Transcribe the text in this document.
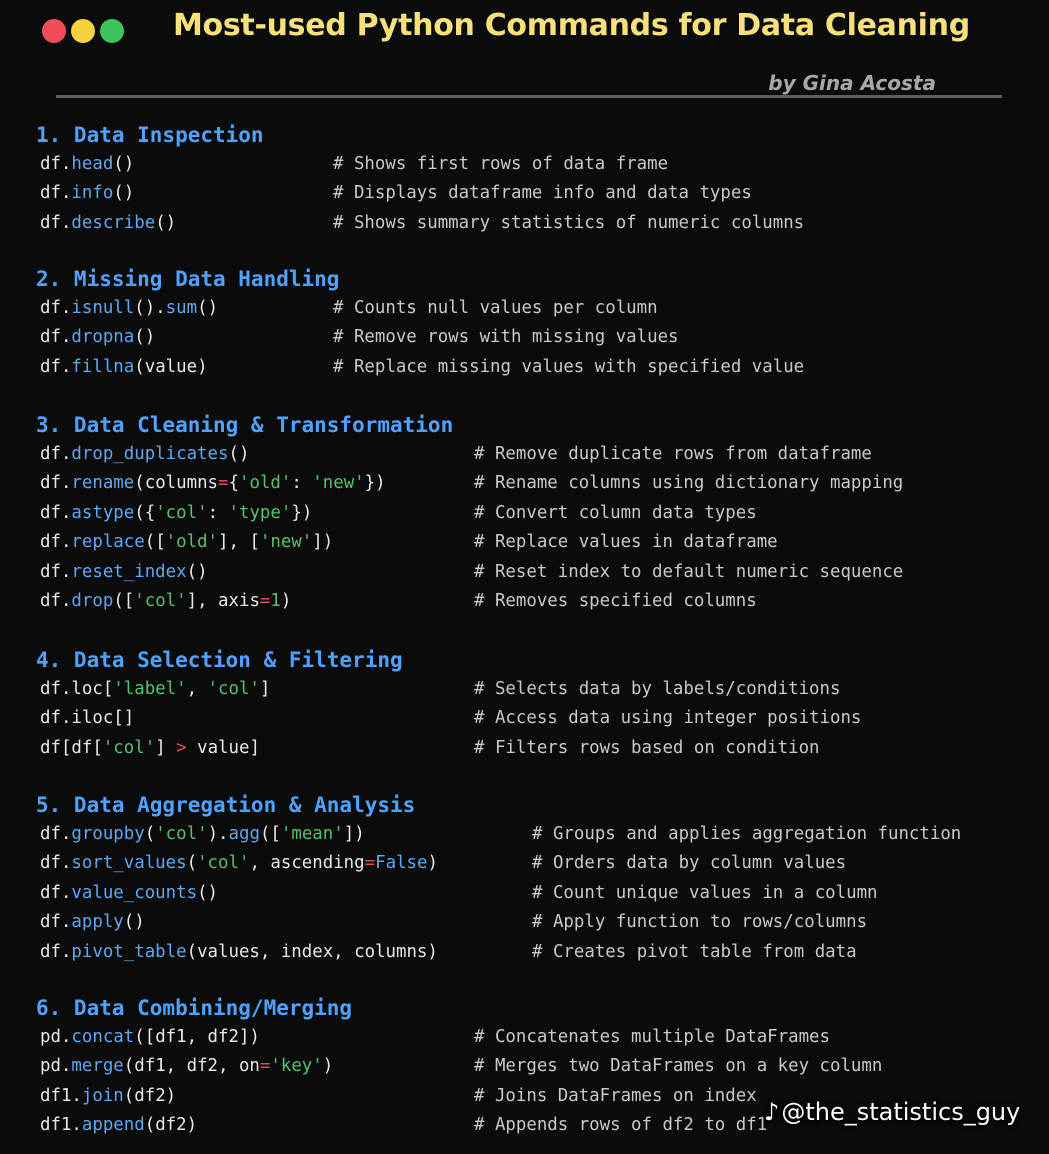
Most-used Python Commands for Data Cleaning
by Gina Acosta
1. Data Inspection
df.head()	# Shows first rows of data frame
df.info()	# Displays dataframe info and data types
df.describe()	# Shows summary statistics of numeric columns
2. Missing Data Handling
df.isnull().sum()	# Counts null values per column
df.dropna()	# Remove rows with missing values
df.fillna(value)	# Replace missing values with specified value
3. Data Cleaning & Transformation
df.drop_duplicates()	# Remove duplicate rows from dataframe
df.rename(columns={'old': 'new'})	# Rename columns using dictionary mapping
df.astype({'col': 'type'})	# Convert column data types
df.replace(['old'], ['new'])	# Replace values in dataframe
df.reset_index()	# Reset index to default numeric sequence
df.drop(['col'], axis=1)	# Removes specified columns
4. Data Selection & Filtering
df.loc['label', 'col']	# Selects data by labels/conditions
df.iloc[]	# Access data using integer positions
df[df['col'] > value]	# Filters rows based on condition
5. Data Aggregation & Analysis
df.groupby('col').agg(['mean'])	# Groups and applies aggregation function
df.sort_values('col', ascending=False)	# Orders data by column values
df.value_counts()	# Count unique values in a column
df.apply()	# Apply function to rows/columns
df.pivot_table(values, index, columns)	# Creates pivot table from data
6. Data Combining/Merging
pd.concat([df1, df2])	# Concatenates multiple DataFrames
pd.merge(df1, df2, on='key')	# Merges two DataFrames on a key column
df1.join(df2)	# Joins DataFrames on index
df1.append(df2)	# Appends rows of df2 to df1
♪@the_statistics_guy
